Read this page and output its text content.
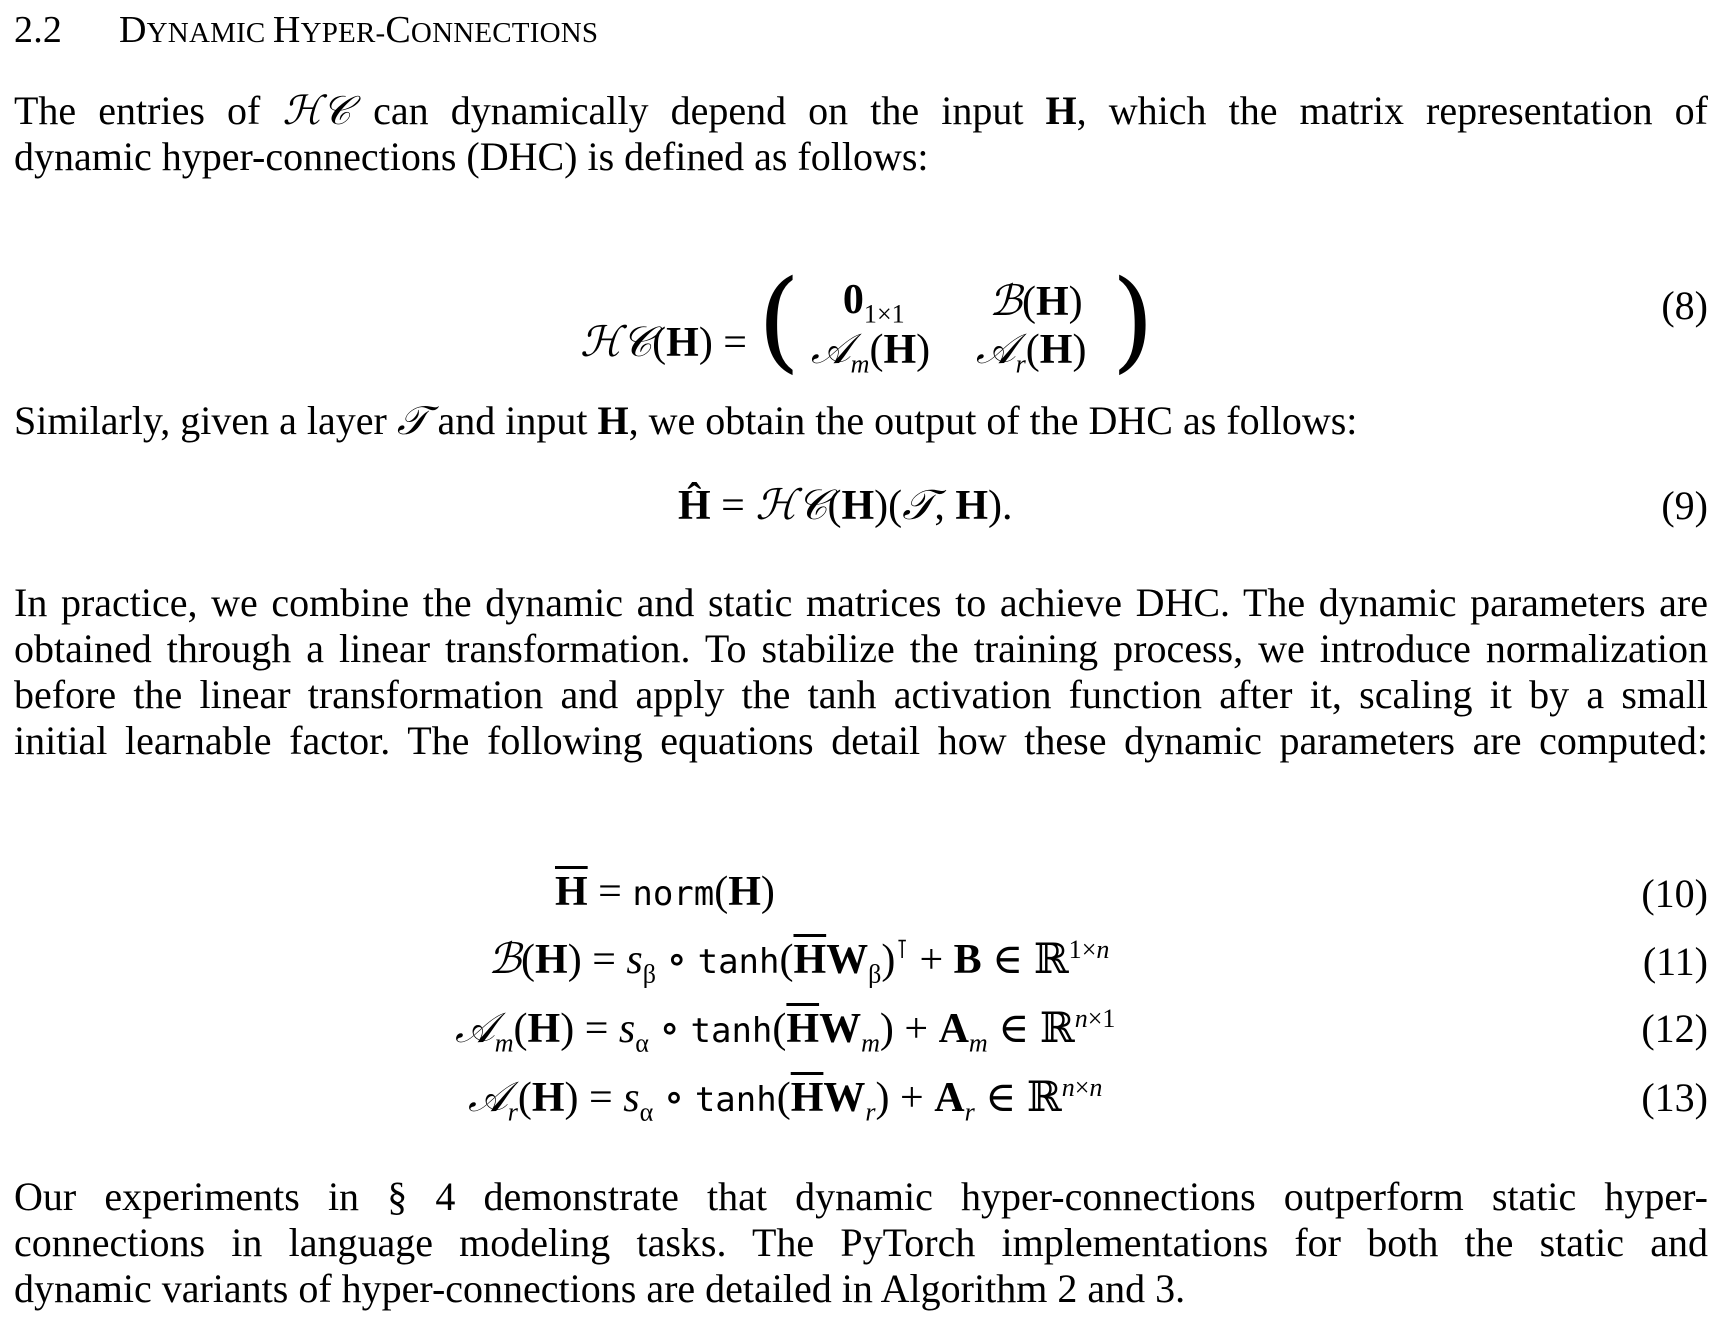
2.2 DYNAMIC HYPER-CONNECTIONS
The entries of ℋ𝒞 can dynamically depend on the input H, which the matrix representation of
dynamic hyper-connections (DHC) is defined as follows:
ℋ𝒞(H) = ( $0_{1\times 1}$ ℬ(H)
𝒜$_m$(H) 𝒜$_r$(H) )	(8)
Similarly, given a layer 𝒯 and input H, we obtain the output of the DHC as follows:
Ĥ = ℋ𝒞(H)(𝒯, H).	(9)
In practice, we combine the dynamic and static matrices to achieve DHC. The dynamic parameters are
obtained through a linear transformation. To stabilize the training process, we introduce normalization
before the linear transformation and apply the tanh activation function after it, scaling it by a small
initial learnable factor. The following equations detail how these dynamic parameters are computed:
$\overline{H}$ = norm(H)	(10)
ℬ(H) = $s_\beta$ ∘ $\tanh(\overline{H}W_\beta)^⊺ + B$ ∈ ℝ$^{1\times n}$	(11)
𝒜$_m$(H) = $s_\alpha$ ∘ $\tanh(\overline{H}W_m) + A_m$ ∈ ℝ$^{n\times 1}$	(12)
𝒜$_r$(H) = $s_\alpha$ ∘ $\tanh(\overline{H}W_r) + A_r$ ∈ ℝ$^{n\times n}$	(13)
Our experiments in § 4 demonstrate that dynamic hyper-connections outperform static hyper-
connections in language modeling tasks. The PyTorch implementations for both the static and
dynamic variants of hyper-connections are detailed in Algorithm 2 and 3.
